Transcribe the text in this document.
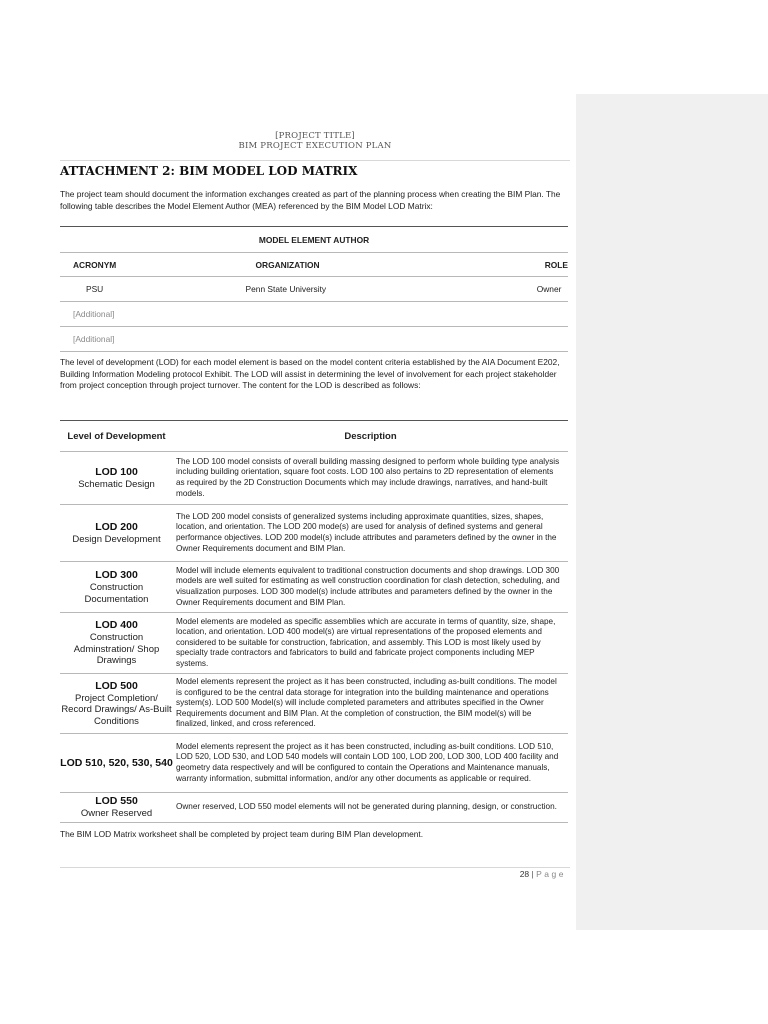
[PROJECT TITLE]
BIM PROJECT EXECUTION PLAN
ATTACHMENT 2: BIM MODEL LOD MATRIX
The project team should document the information exchanges created as part of the planning process when creating the BIM Plan. The following table describes the Model Element Author (MEA) referenced by the BIM Model LOD Matrix:
MODEL ELEMENT AUTHOR		
ACRONYM	ORGANIZATION	ROLE
PSU	Penn State University	Owner
[Additional]		
[Additional]		
The level of development (LOD) for each model element is based on the model content criteria established by the AIA Document E202, Building Information Modeling protocol Exhibit. The LOD will assist in determining the level of involvement for each project stakeholder from project conception through project turnover. The content for the LOD is described as follows:
Level of Development	Description

LOD 100
Schematic Design	The LOD 100 model consists of overall building massing designed to perform whole building type analysis including building orientation, square foot costs. LOD 100 also pertains to 2D representation of elements as required by the 2D Construction Documents which may include drawings, narratives, and hand-built models.

LOD 200
Design Development	The LOD 200 model consists of generalized systems including approximate quantities, sizes, shapes, location, and orientation. The LOD 200 mode(s) are used for analysis of defined systems and general performance objectives. LOD 200 model(s) include attributes and parameters defined by the owner in the Owner Requirements document and BIM Plan.

LOD 300
Construction Documentation	Model will include elements equivalent to traditional construction documents and shop drawings. LOD 300 models are well suited for estimating as well construction coordination for clash detection, scheduling, and visualization purposes. LOD 300 model(s) include attributes and parameters defined by the owner in the Owner Requirements document and BIM Plan.

LOD 400
Construction Adminstration/ Shop Drawings	Model elements are modeled as specific assemblies which are accurate in terms of quantity, size, shape, location, and orientation. LOD 400 model(s) are virtual representations of the proposed elements and considered to be suitable for construction, fabrication, and assembly. This LOD is most likely used by specialty trade contractors and fabricators to build and fabricate project components including MEP systems.

LOD 500
Project Completion/ Record Drawings/ As-Built Conditions	Model elements represent the project as it has been constructed, including as-built conditions. The model is configured to be the central data storage for integration into the building maintenance and operations system(s). LOD 500 Model(s) will include completed parameters and attributes specified in the Owner Requirements document and BIM Plan. At the completion of construction, the BIM model(s) will be finalized, linked, and cross referenced.

LOD 510, 520, 530, 540	Model elements represent the project as it has been constructed, including as-built conditions. LOD 510, LOD 520, LOD 530, and LOD 540 models will contain LOD 100, LOD 200, LOD 300, LOD 400 facility and geometry data respectively and will be configured to contain the Operations and Maintenance manuals, warranty information, submittal information, and/or any other documents as applicable or required.

LOD 550
Owner Reserved	Owner reserved, LOD 550 model elements will not be generated during planning, design, or construction.
The BIM LOD Matrix worksheet shall be completed by project team during BIM Plan development.
28 | Page
